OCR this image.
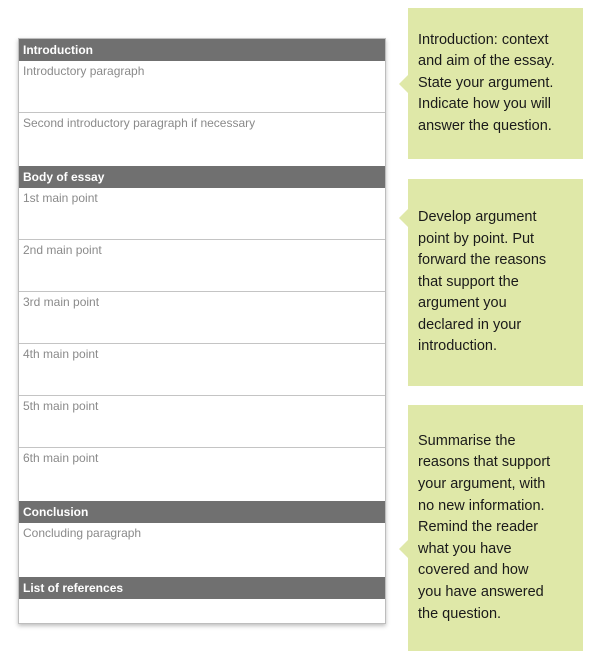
Introduction
Introductory paragraph
Second introductory paragraph if necessary
Body of essay
1st main point
2nd main point
3rd main point
4th main point
5th main point
6th main point
Conclusion
Concluding paragraph
List of references
Introduction: context
and aim of the essay.
State your argument.
Indicate how you will
answer the question.
Develop argument
point by point. Put
forward the reasons
that support the
argument you
declared in your
introduction.
Summarise the
reasons that support
your argument, with
no new information.
Remind the reader
what you have
covered and how
you have answered
the question.
